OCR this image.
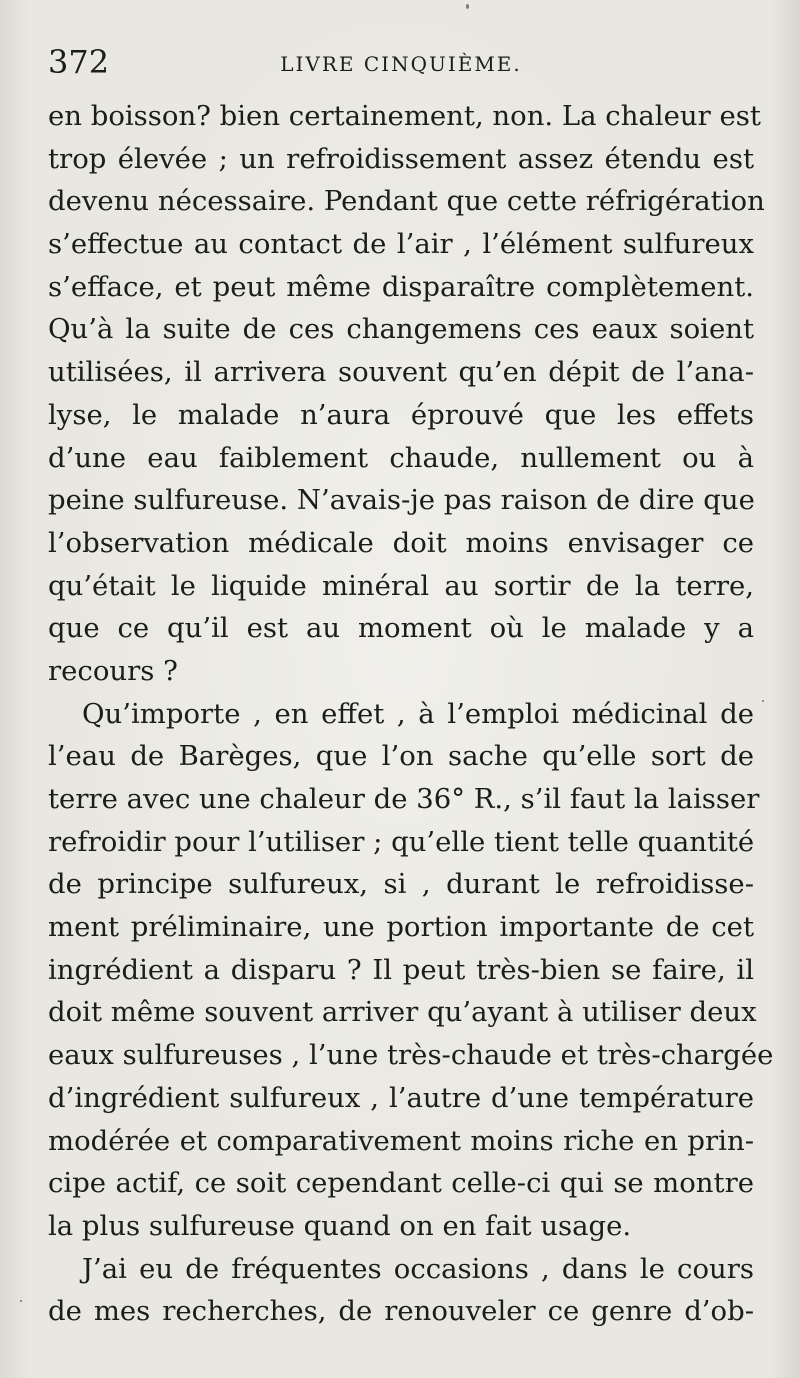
372	LIVRE CINQUIÈME.
en boisson? bien certainement, non. La chaleur est
trop élevée ; un refroidissement assez étendu est
devenu nécessaire. Pendant que cette réfrigération
s’effectue au contact de l’air , l’élément sulfureux
s’efface, et peut même disparaître complètement.
Qu’à la suite de ces changemens ces eaux soient
utilisées, il arrivera souvent qu’en dépit de l’ana-
lyse, le malade n’aura éprouvé que les effets
d’une eau faiblement chaude, nullement ou à
peine sulfureuse. N’avais-je pas raison de dire que
l’observation médicale doit moins envisager ce
qu’était le liquide minéral au sortir de la terre,
que ce qu’il est au moment où le malade y a
recours ?
Qu’importe , en effet , à l’emploi médicinal de
l’eau de Barèges, que l’on sache qu’elle sort de
terre avec une chaleur de 36° R., s’il faut la laisser
refroidir pour l’utiliser ; qu’elle tient telle quantité
de principe sulfureux, si , durant le refroidisse-
ment préliminaire, une portion importante de cet
ingrédient a disparu ? Il peut très-bien se faire, il
doit même souvent arriver qu’ayant à utiliser deux
eaux sulfureuses , l’une très-chaude et très-chargée
d’ingrédient sulfureux , l’autre d’une température
modérée et comparativement moins riche en prin-
cipe actif, ce soit cependant celle-ci qui se montre
la plus sulfureuse quand on en fait usage.
J’ai eu de fréquentes occasions , dans le cours
de mes recherches, de renouveler ce genre d’ob-
